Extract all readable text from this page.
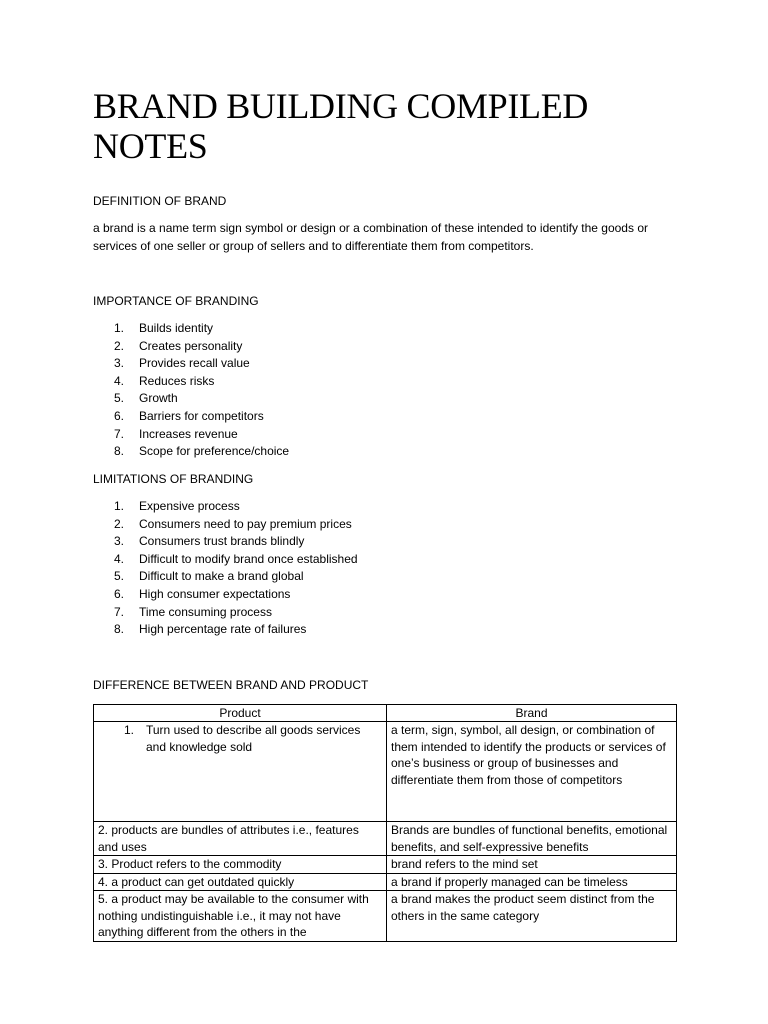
BRAND BUILDING COMPILED NOTES
DEFINITION OF BRAND

a brand is a name term sign symbol or design or a combination of these intended to identify the goods or services of one seller or group of sellers and to differentiate them from competitors.

IMPORTANCE OF BRANDING
1. Builds identity
2. Creates personality
3. Provides recall value
4. Reduces risks
5. Growth
6. Barriers for competitors
7. Increases revenue
8. Scope for preference/choice
LIMITATIONS OF BRANDING
1. Expensive process
2. Consumers need to pay premium prices
3. Consumers trust brands blindly
4. Difficult to modify brand once established
5. Difficult to make a brand global
6. High consumer expectations
7. Time consuming process
8. High percentage rate of failures
DIFFERENCE BETWEEN BRAND AND PRODUCT
Product	Brand

1. Turn used to describe all goods services and knowledge sold	a term, sign, symbol, all design, or combination of them intended to identify the products or services of one’s business or group of businesses and differentiate them from those of competitors
2. products are bundles of attributes i.e., features and uses	Brands are bundles of functional benefits, emotional benefits, and self-expressive benefits
3. Product refers to the commodity	brand refers to the mind set
4. a product can get outdated quickly	a brand if properly managed can be timeless
5. a product may be available to the consumer with nothing undistinguishable i.e., it may not have anything different from the others in the	a brand makes the product seem distinct from the others in the same category
